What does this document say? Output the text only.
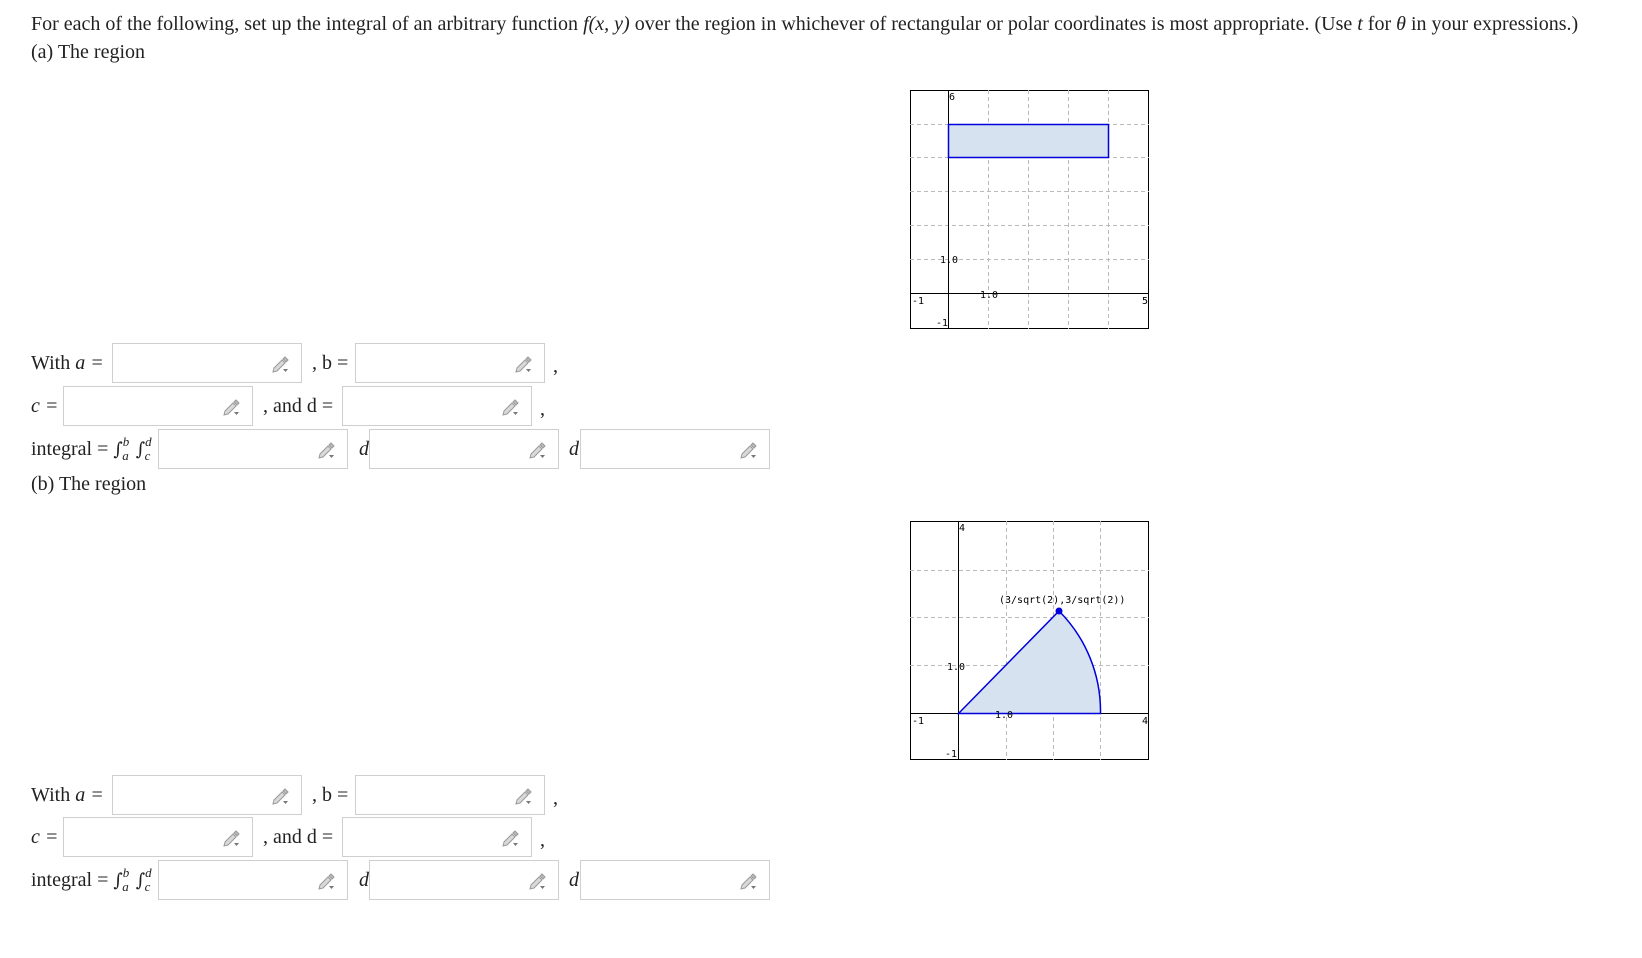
For each of the following, set up the integral of an arbitrary function f(x, y) over the region in whichever of rectangular or polar coordinates is most appropriate. (Use t for θ in your expressions.)
(a) The region
6
1.0
1.0
-1	5
-1
With a =	, b =	,
c =	, and d =	,
integral = ∫$^b_a$ ∫$^d_c$	d	d
(b) The region
(3/sqrt(2),3/sqrt(2))
4
1.0
1.0
-1	4
-1
With a =	, b =	,
c =	, and d =	,
integral = ∫$^b_a$ ∫$^d_c$	d	d
